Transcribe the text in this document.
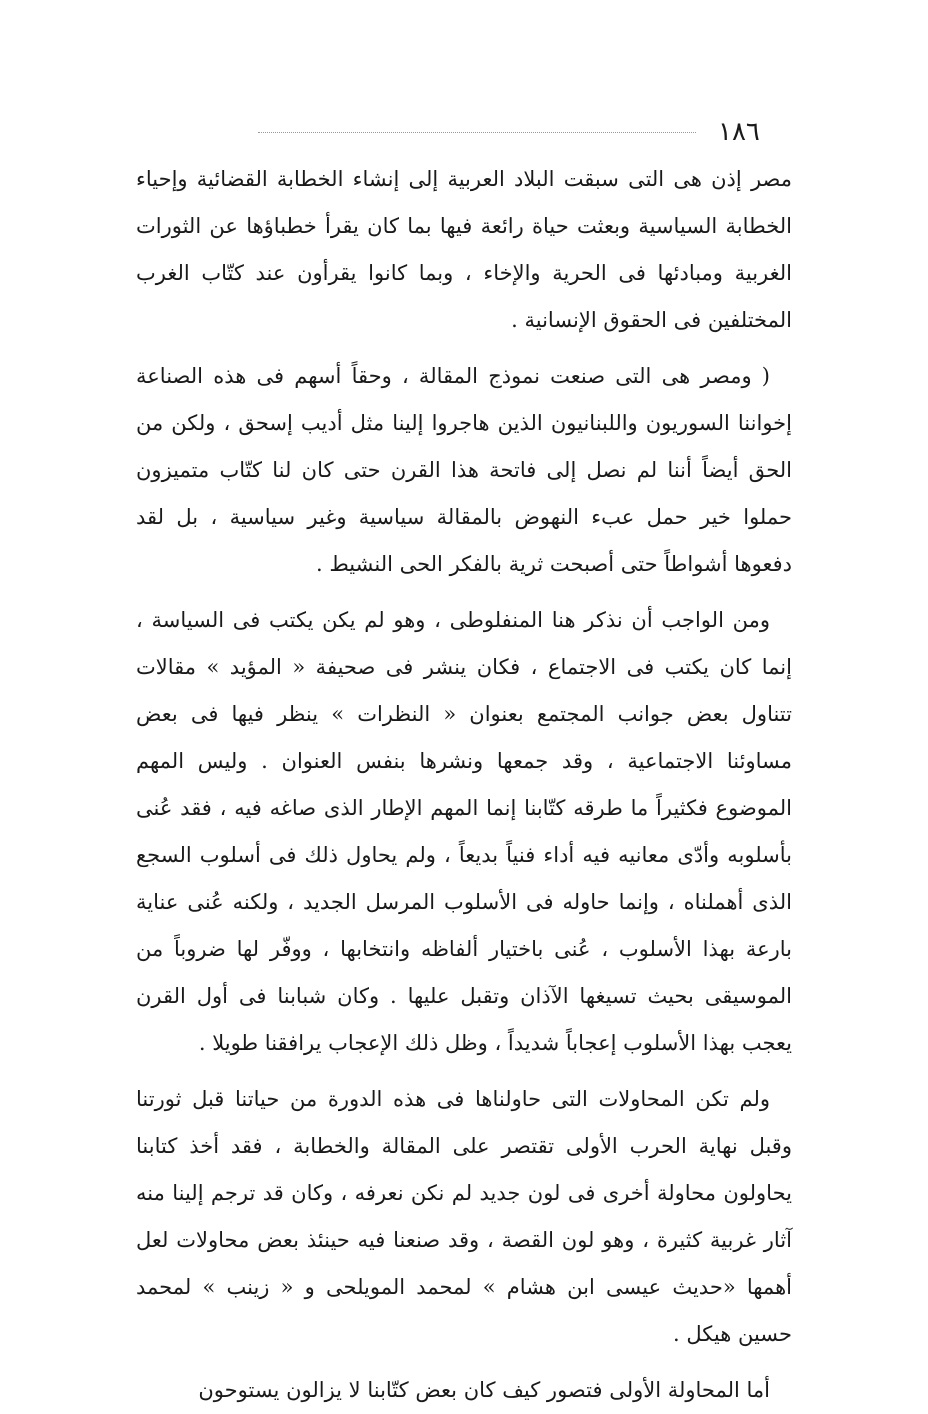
١٨٦

مصر إذن هى التى سبقت البلاد العربية إلى إنشاء الخطابة القضائية وإحياء الخطابة السياسية وبعثت حياة رائعة فيها بما كان يقرأ خطباؤها عن الثورات الغربية ومبادئها فى الحرية والإخاء ، وبما كانوا يقرأون عند كتّاب الغرب المختلفين فى الحقوق الإنسانية .

( ومصر هى التى صنعت نموذج المقالة ، وحقاً أسهم فى هذه الصناعة إخواننا السوريون واللبنانيون الذين هاجروا إلينا مثل أديب إسحق ، ولكن من الحق أيضاً أننا لم نصل إلى فاتحة هذا القرن حتى كان لنا كتّاب متميزون حملوا خير حمل عبء النهوض بالمقالة سياسية وغير سياسية ، بل لقد دفعوها أشواطاً حتى أصبحت ثرية بالفكر الحى النشيط .

ومن الواجب أن نذكر هنا المنفلوطى ، وهو لم يكن يكتب فى السياسة ، إنما كان يكتب فى الاجتماع ، فكان ينشر فى صحيفة « المؤيد » مقالات تتناول بعض جوانب المجتمع بعنوان « النظرات » ينظر فيها فى بعض مساوئنا الاجتماعية ، وقد جمعها ونشرها بنفس العنوان . وليس المهم الموضوع فكثيراً ما طرقه كتّابنا إنما المهم الإطار الذى صاغه فيه ، فقد عُنى بأسلوبه وأدّى معانيه فيه أداء فنياً بديعاً ، ولم يحاول ذلك فى أسلوب السجع الذى أهملناه ، وإنما حاوله فى الأسلوب المرسل الجديد ، ولكنه عُنى عناية بارعة بهذا الأسلوب ، عُنى باختيار ألفاظه وانتخابها ، ووفّر لها ضروباً من الموسيقى بحيث تسيغها الآذان وتقبل عليها . وكان شبابنا فى أول القرن يعجب بهذا الأسلوب إعجاباً شديداً ، وظل ذلك الإعجاب يرافقنا طويلا .

ولم تكن المحاولات التى حاولناها فى هذه الدورة من حياتنا قبل ثورتنا وقبل نهاية الحرب الأولى تقتصر على المقالة والخطابة ، فقد أخذ كتابنا يحاولون محاولة أخرى فى لون جديد لم نكن نعرفه ، وكان قد ترجم إلينا منه آثار غربية كثيرة ، وهو لون القصة ، وقد صنعنا فيه حينئذ بعض محاولات لعل أهمها «حديث عيسى ابن هشام » لمحمد المويلحى و « زينب » لمحمد حسين هيكل .

أما المحاولة الأولى فتصور كيف كان بعض كتّابنا لا يزالون يستوحون
